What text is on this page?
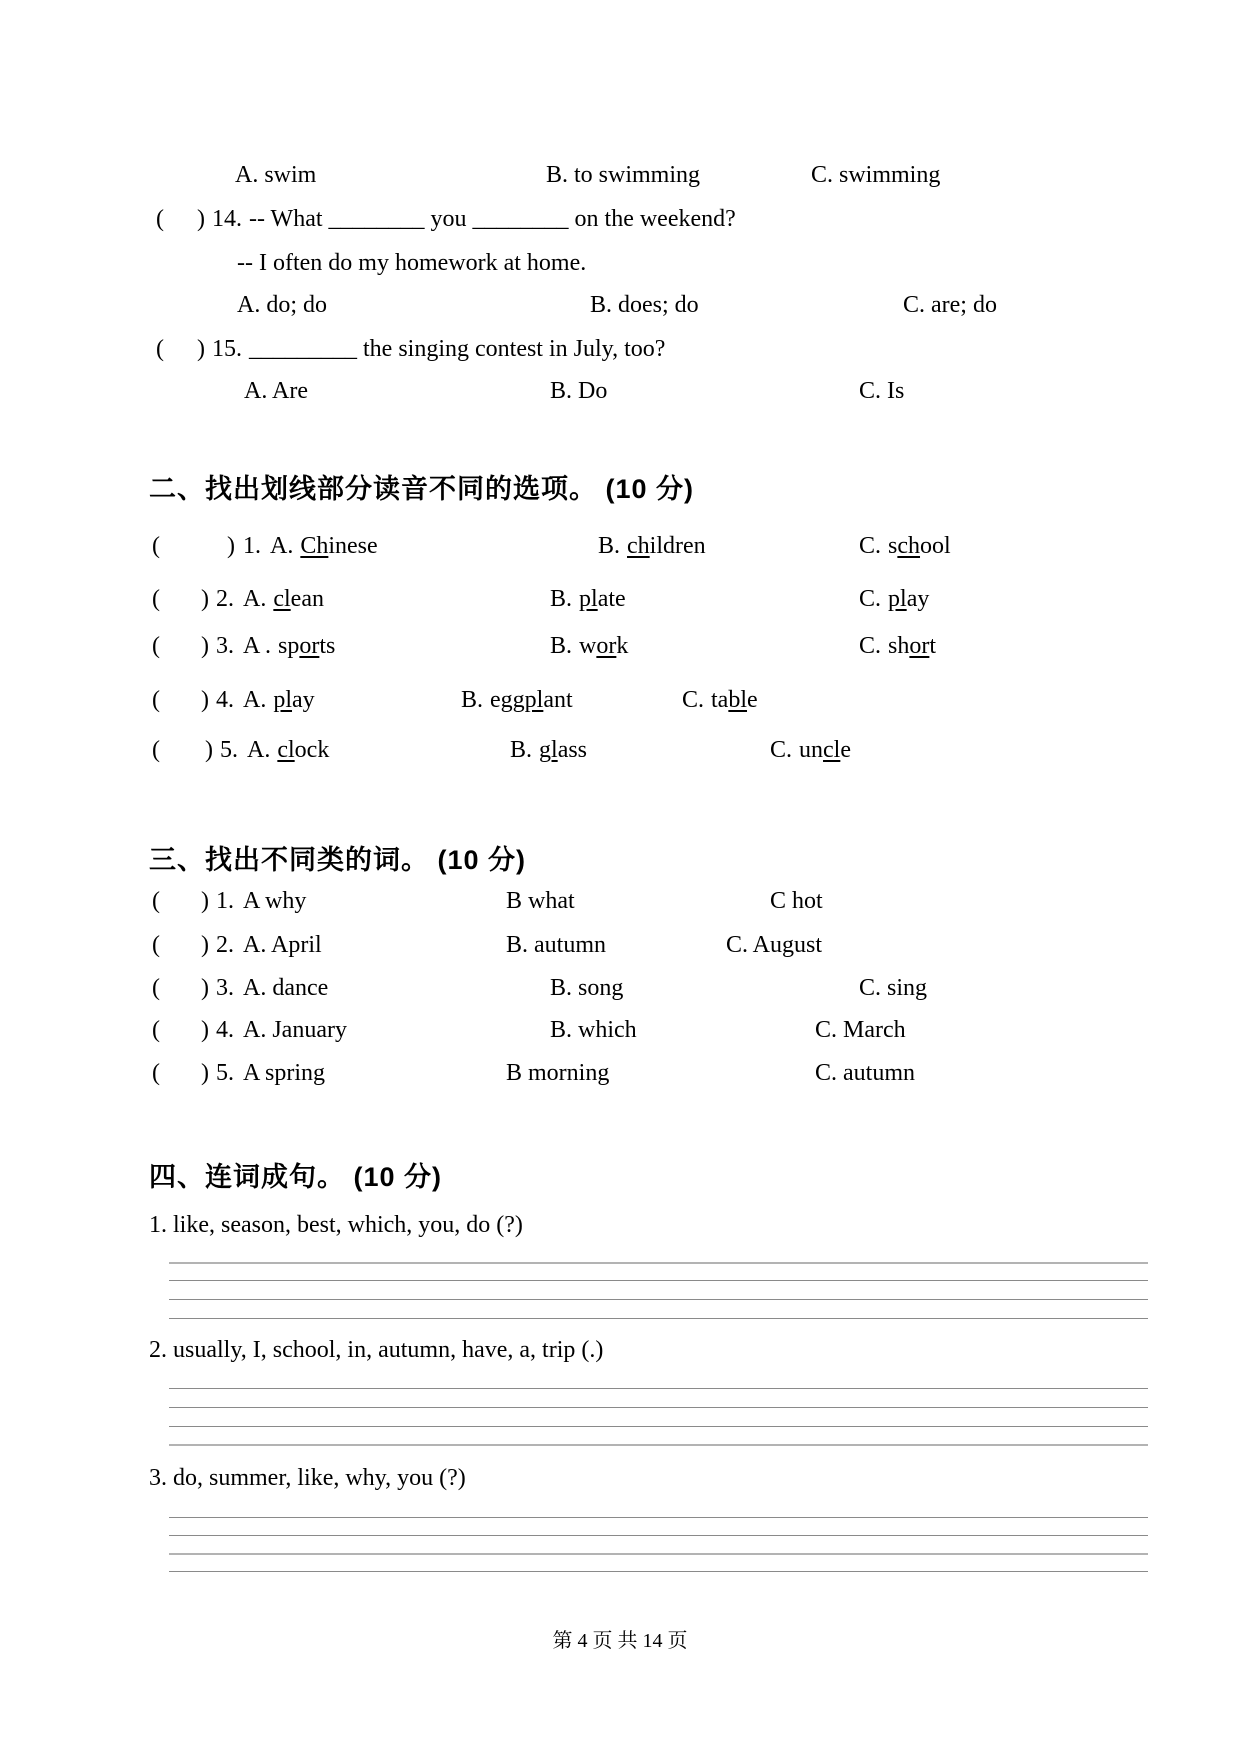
A. swim	B. to swimming	C. swimming
( ) 14. -- What ________ you ________ on the weekend?
-- I often do my homework at home.
A. do; do	B. does; do	C. are; do
( ) 15. _________ the singing contest in July, too?
A. Are	B. Do	C. Is
二、找出划线部分读音不同的选项。 (10 分)
(	) 1. A. Chinese	B. children	C. school
( ) 2. A. clean	B. plate	C. play
( ) 3. A . sports	B. work	C. short
( ) 4. A. play	B. eggplant	C. table
( ) 5. A. clock	B. glass	C. uncle
三、找出不同类的词。 (10 分)
( ) 1. A why	B what	C hot
( ) 2. A. April	B. autumn	C. August
( ) 3. A. dance	B. song	C. sing
( ) 4. A. January	B. which	C. March
( ) 5. A spring	B morning	C. autumn
四、连词成句。 (10 分)
1. like, season, best, which, you, do (?)
2. usually, I, school, in, autumn, have, a, trip (.)
3. do, summer, like, why, you (?)
第 4 页 共 14 页
